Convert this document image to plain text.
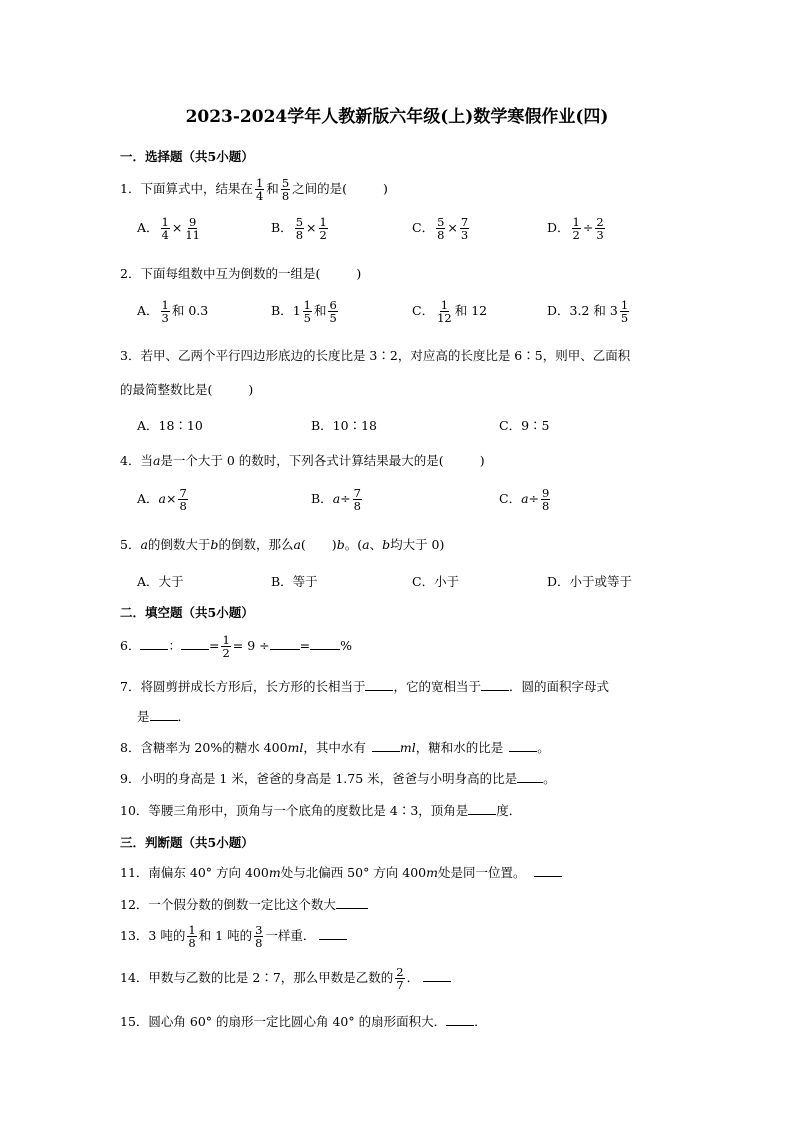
2023-2024学年人教新版六年级(上)数学寒假作业(四)
一．选择题（共5小题）
1．下面算式中，结果在 $\frac{1}{4}$ 和 $\frac{5}{8}$ 之间的是(	)
A． $\frac{1}{4} \times \frac{9}{11}$	B． $\frac{5}{8} \times \frac{1}{2}$	C． $\frac{5}{8} \times \frac{7}{3}$	D． $\frac{1}{2} \div \frac{2}{3}$
2．下面每组数中互为倒数的一组是(	)
A． $\frac{1}{3}$ 和 0.3	B．$1 \frac{1}{5}$ 和 $\frac{6}{5}$	C． $\frac{1}{12}$ 和 12	D．3.2 和 $3 \frac{1}{5}$
3．若甲、乙两个平行四边形底边的长度比是 3∶2，对应高的长度比是 6∶5，则甲、乙面积
的最简整数比是(	)
A．18∶10	B．10∶18	C．9∶5
4．当a是一个大于 0 的数时，下列各式计算结果最大的是(	)
A．$a\times \frac{7}{8}$	B．$a\div \frac{7}{8}$	C．$a\div \frac{9}{8}$
5．a的倒数大于b的倒数，那么a( )b。(a、b均大于 0)
A．大于	B．等于	C．小于	D．小于或等于
二．填空题（共5小题）
6． ： = $\frac{1}{2} = 9$ ÷ = %
7．将圆剪拼成长方形后，长方形的长相当于 ，它的宽相当于 ．圆的面积字母式
是 ．
8．含糖率为 20%的糖水 400ml，其中水有	ml，糖和水的比是	。
9．小明的身高是 1 米，爸爸的身高是 1.75 米，爸爸与小明身高的比是 。
10．等腰三角形中，顶角与一个底角的度数比是 4∶3，顶角是 度．
三．判断题（共5小题）
11．南偏东 40° 方向 400m处与北偏西 50° 方向 400m处是同一位置。
12．一个假分数的倒数一定比这个数大
13．3 吨的 $\frac{1}{8}$ 和 1 吨的 $\frac{3}{8}$ 一样重．
14．甲数与乙数的比是 2∶7，那么甲数是乙数的 $\frac{2}{7}$ ．
15．圆心角 60° 的扇形一定比圆心角 40° 的扇形面积大． ．
